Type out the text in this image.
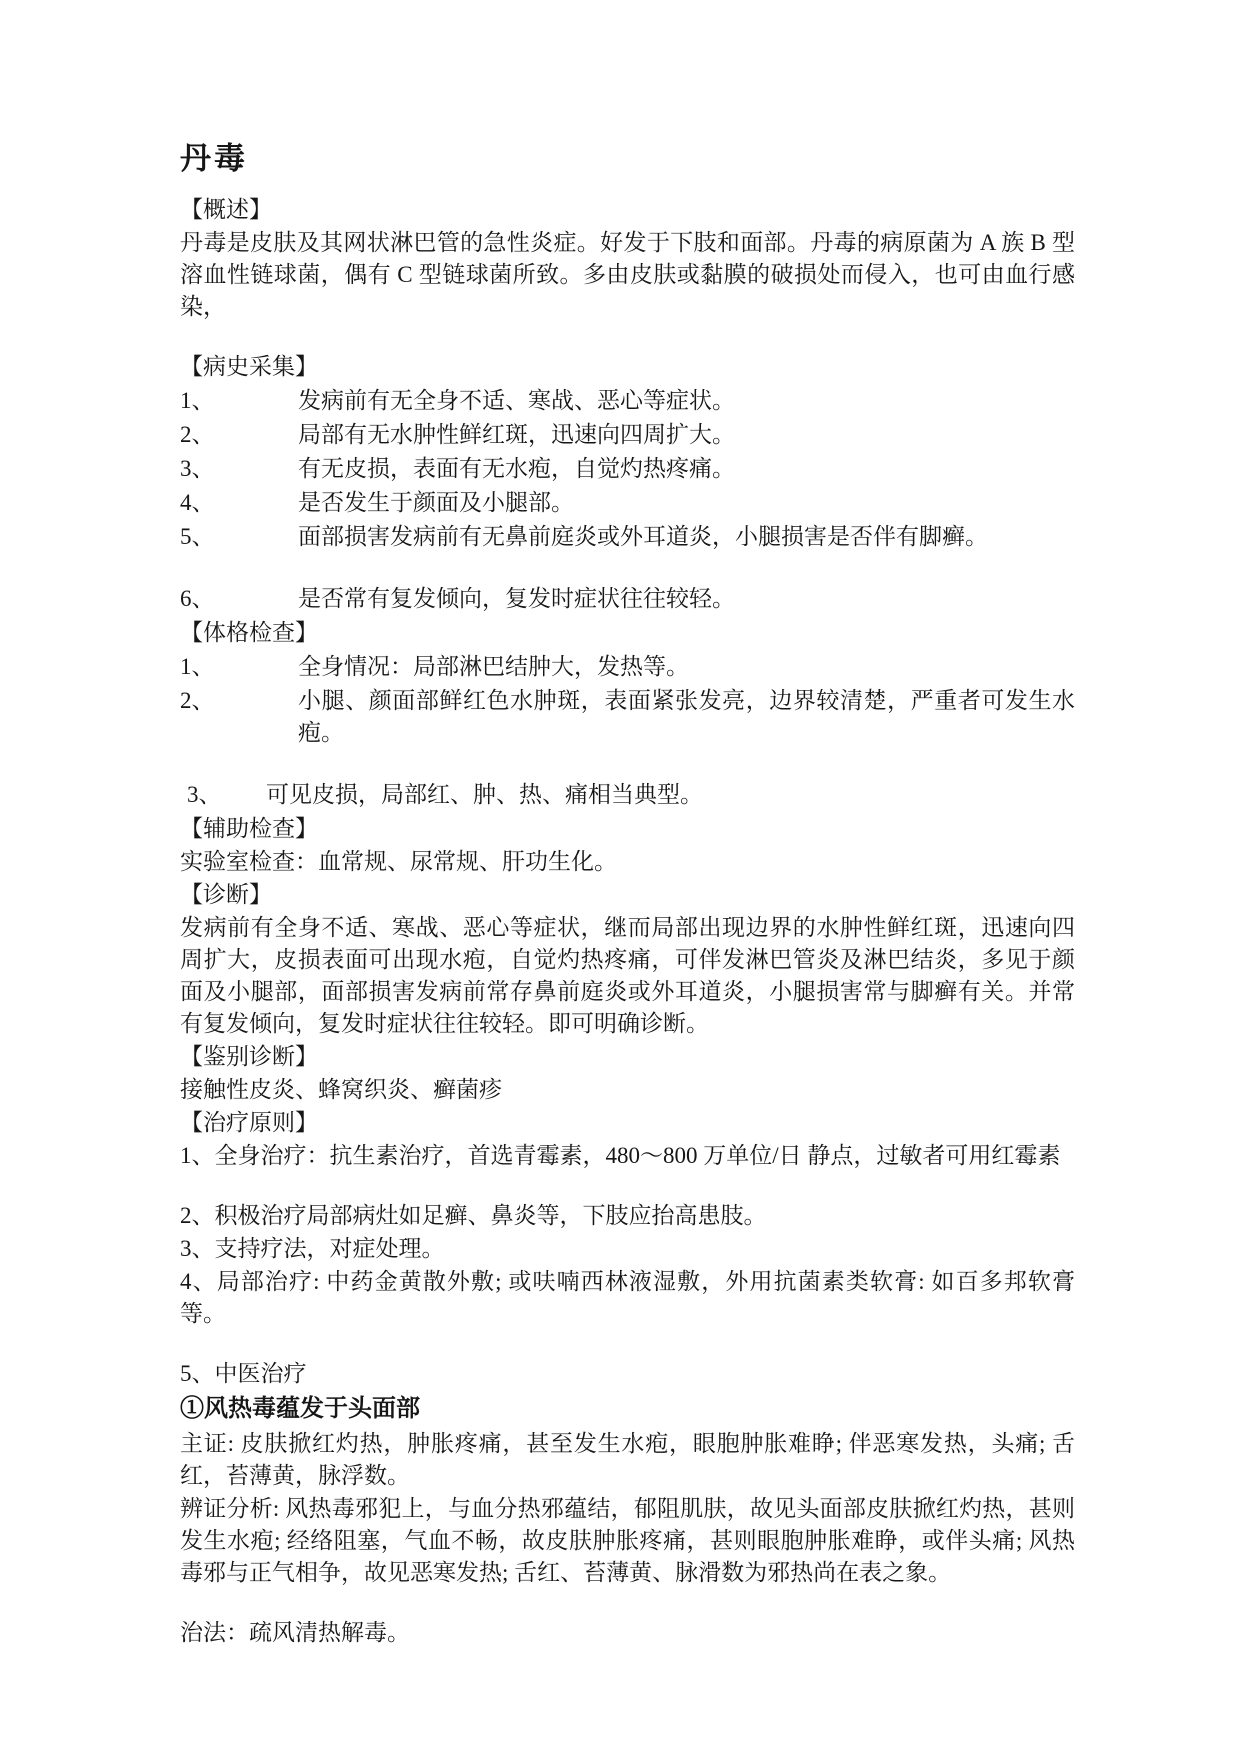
丹毒
【概述】
丹毒是皮肤及其网状淋巴管的急性炎症。好发于下肢和面部。丹毒的病原菌为 A 族 B 型溶血性链球菌，偶有 C 型链球菌所致。多由皮肤或黏膜的破损处而侵入，也可由血行感染，
【病史采集】
1、	发病前有无全身不适、寒战、恶心等症状。
2、	局部有无水肿性鲜红斑，迅速向四周扩大。
3、	有无皮损，表面有无水疱，自觉灼热疼痛。
4、	是否发生于颜面及小腿部。
5、	面部损害发病前有无鼻前庭炎或外耳道炎，小腿损害是否伴有脚癣。
6、	是否常有复发倾向，复发时症状往往较轻。
【体格检查】
1、	全身情况：局部淋巴结肿大，发热等。
2、	小腿、颜面部鲜红色水肿斑，表面紧张发亮，边界较清楚，严重者可发生水疱。
3、	可见皮损，局部红、肿、热、痛相当典型。
【辅助检查】
实验室检查：血常规、尿常规、肝功生化。
【诊断】
发病前有全身不适、寒战、恶心等症状，继而局部出现边界的水肿性鲜红斑，迅速向四周扩大，皮损表面可出现水疱，自觉灼热疼痛，可伴发淋巴管炎及淋巴结炎，多见于颜面及小腿部，面部损害发病前常存鼻前庭炎或外耳道炎，小腿损害常与脚癣有关。并常有复发倾向，复发时症状往往较轻。即可明确诊断。
【鉴别诊断】
接触性皮炎、蜂窝织炎、癣菌疹
【治疗原则】
1、全身治疗：抗生素治疗，首选青霉素，480～800 万单位/日 静点，过敏者可用红霉素
2、积极治疗局部病灶如足癣、鼻炎等，下肢应抬高患肢。
3、支持疗法，对症处理。
4、局部治疗: 中药金黄散外敷; 或呋喃西林液湿敷，外用抗菌素类软膏: 如百多邦软膏等。
5、中医治疗
①风热毒蕴发于头面部
主证: 皮肤掀红灼热，肿胀疼痛，甚至发生水疱，眼胞肿胀难睁; 伴恶寒发热，头痛; 舌红，苔薄黄，脉浮数。
辨证分析: 风热毒邪犯上，与血分热邪蕴结，郁阻肌肤，故见头面部皮肤掀红灼热，甚则发生水疱; 经络阻塞，气血不畅，故皮肤肿胀疼痛，甚则眼胞肿胀难睁，或伴头痛; 风热毒邪与正气相争，故见恶寒发热; 舌红、苔薄黄、脉滑数为邪热尚在表之象。
治法：疏风清热解毒。
